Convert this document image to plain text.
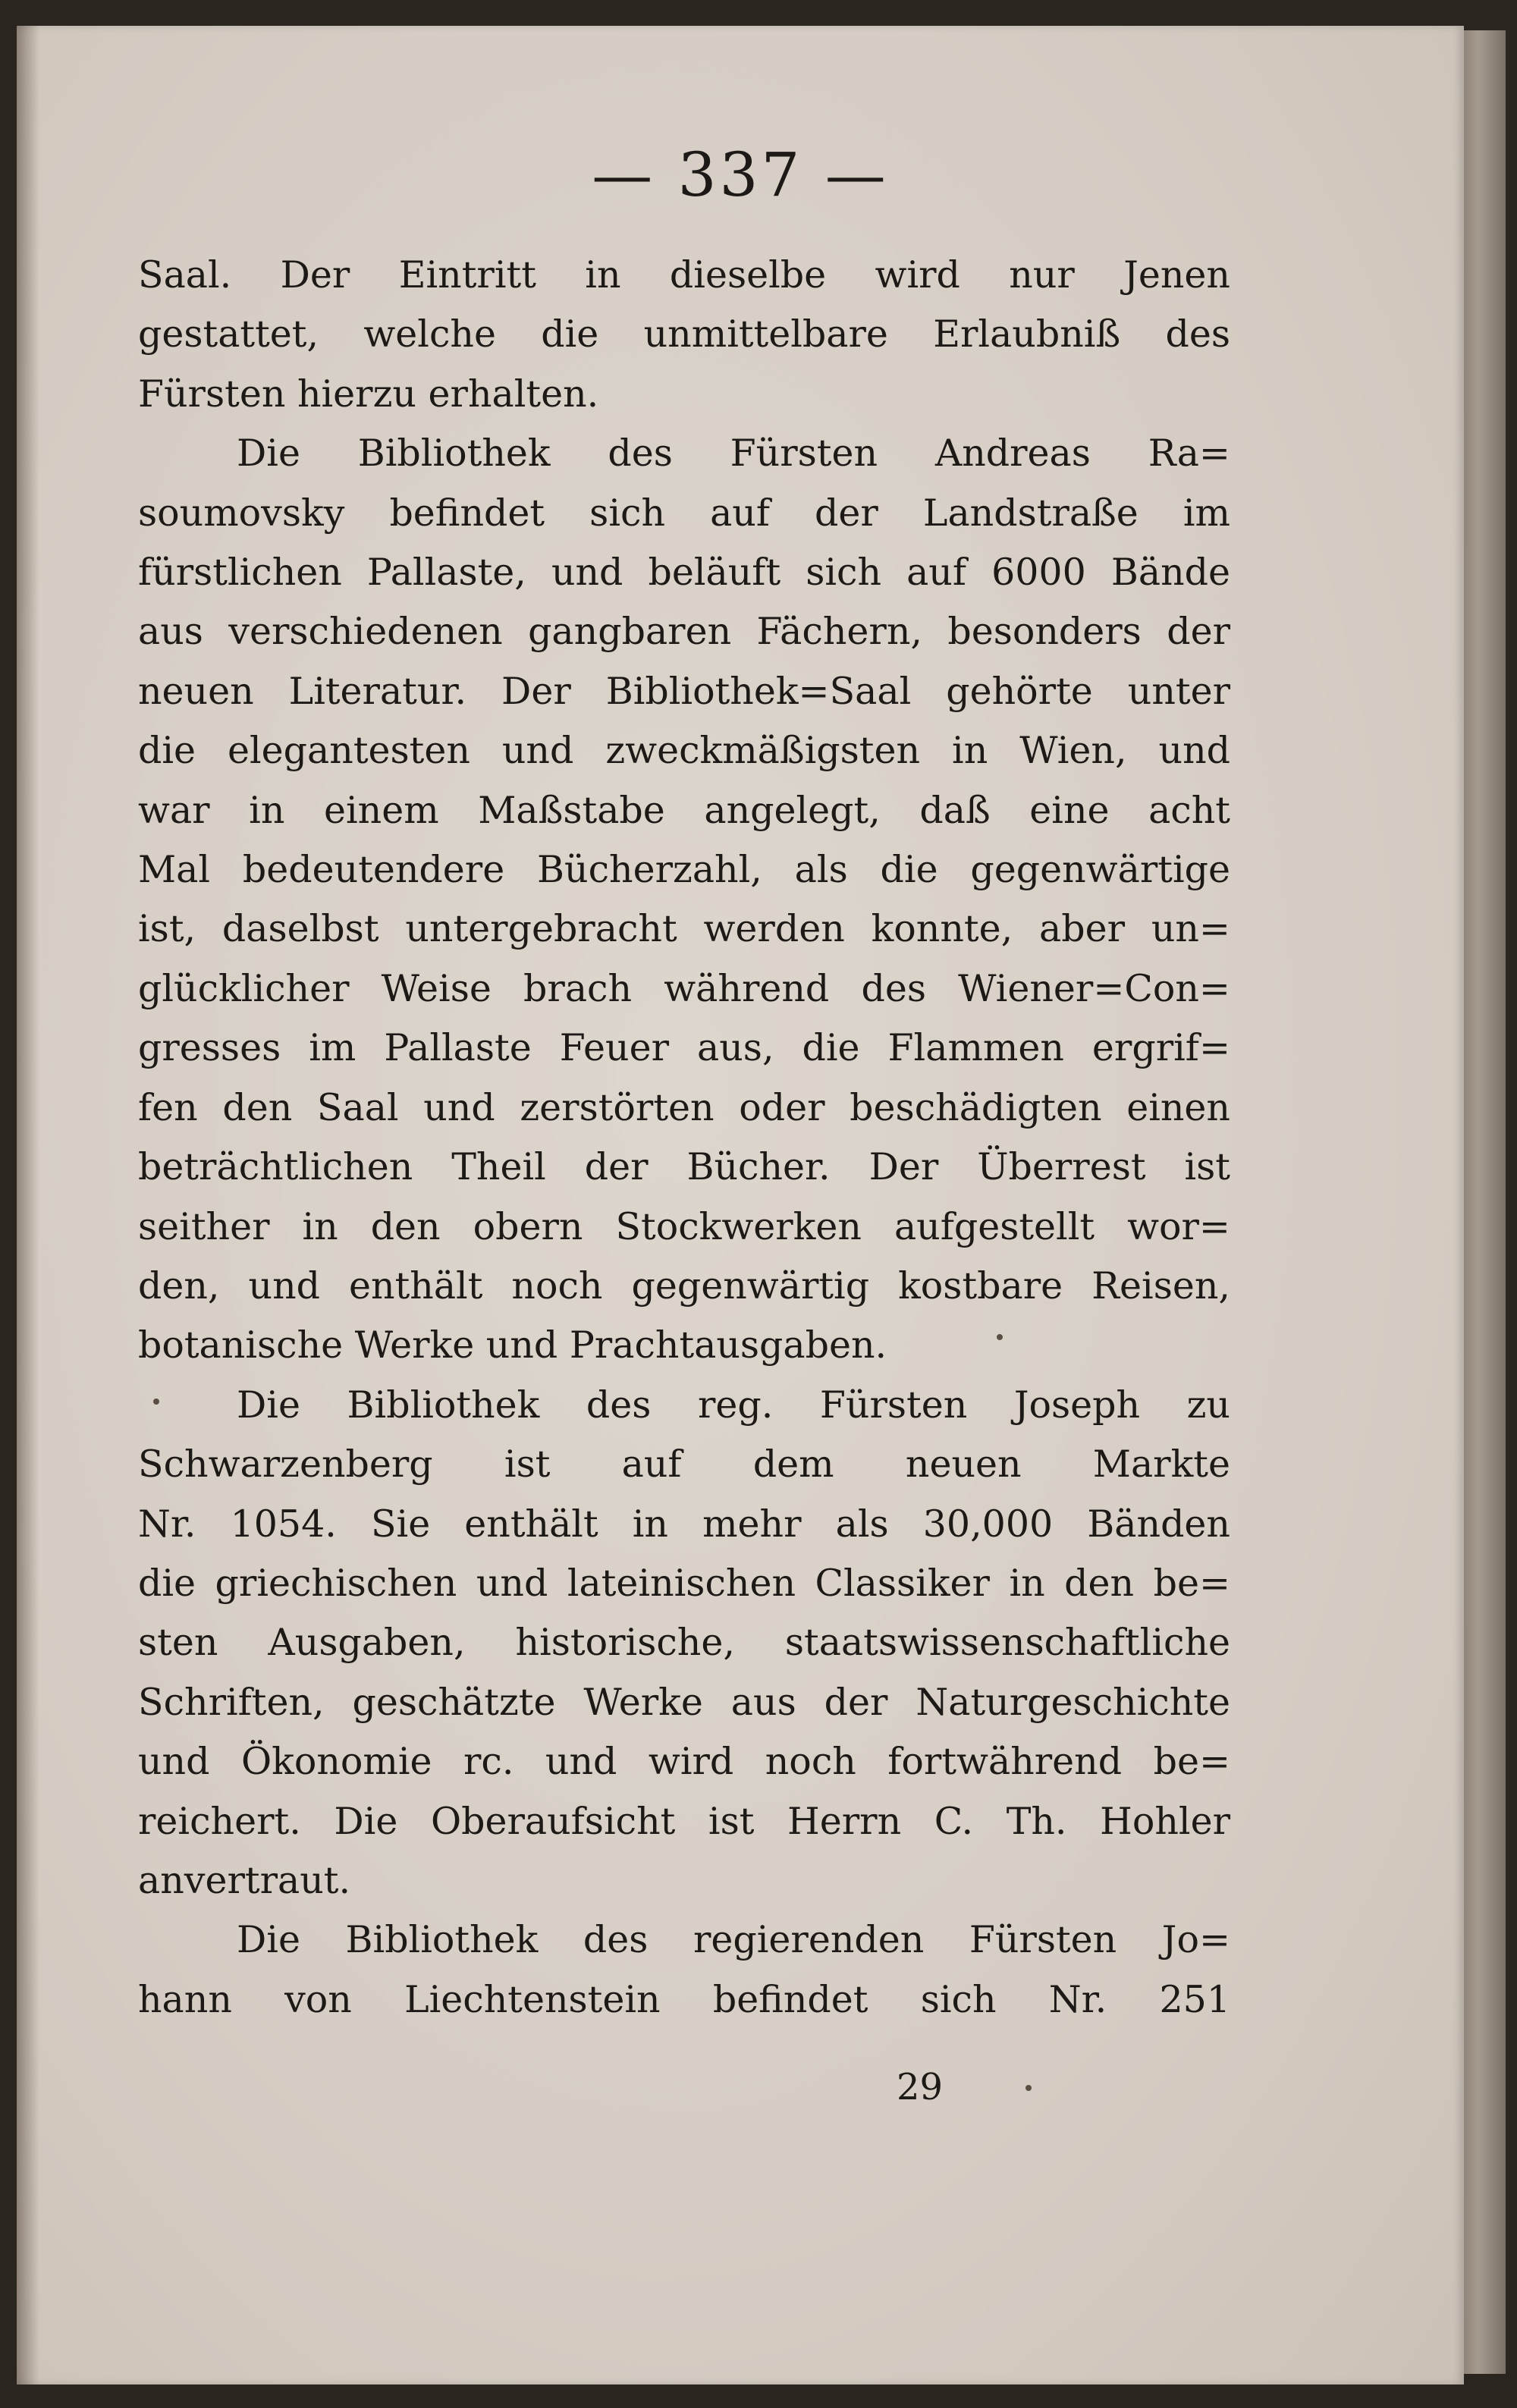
— 337 —
Saal. Der Eintritt in dieselbe wird nur Jenen
gestattet, welche die unmittelbare Erlaubniß des
Fürsten hierzu erhalten.
Die Bibliothek des Fürsten Andreas Ra=
soumovsky befindet sich auf der Landstraße im
fürstlichen Pallaste, und beläuft sich auf 6000 Bände
aus verschiedenen gangbaren Fächern, besonders der
neuen Literatur. Der Bibliothek=Saal gehörte unter
die elegantesten und zweckmäßigsten in Wien, und
war in einem Maßstabe angelegt, daß eine acht
Mal bedeutendere Bücherzahl, als die gegenwärtige
ist, daselbst untergebracht werden konnte, aber un=
glücklicher Weise brach während des Wiener=Con=
gresses im Pallaste Feuer aus, die Flammen ergrif=
fen den Saal und zerstörten oder beschädigten einen
beträchtlichen Theil der Bücher. Der Überrest ist
seither in den obern Stockwerken aufgestellt wor=
den, und enthält noch gegenwärtig kostbare Reisen,
botanische Werke und Prachtausgaben.
Die Bibliothek des reg. Fürsten Joseph zu
Schwarzenberg ist auf dem neuen Markte
Nr. 1054. Sie enthält in mehr als 30,000 Bänden
die griechischen und lateinischen Classiker in den be=
sten Ausgaben, historische, staatswissenschaftliche
Schriften, geschätzte Werke aus der Naturgeschichte
und Ökonomie rc. und wird noch fortwährend be=
reichert. Die Oberaufsicht ist Herrn C. Th. Hohler
anvertraut.
Die Bibliothek des regierenden Fürsten Jo=
hann von Liechtenstein befindet sich Nr. 251
29
